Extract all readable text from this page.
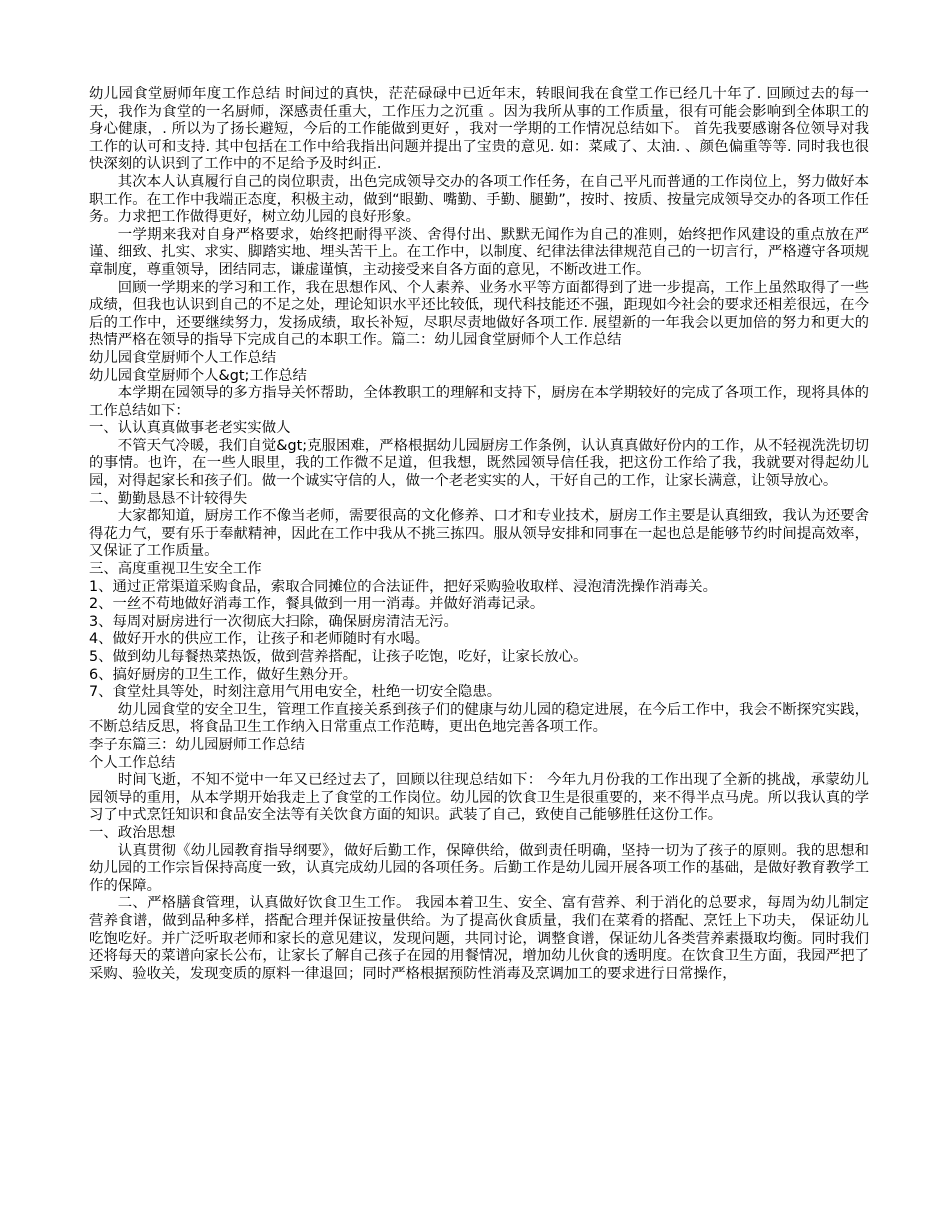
幼儿园食堂厨师年度工作总结 时间过的真快，茫茫碌碌中已近年末，转眼间我在食堂工作已经几十年了. 回顾过去的每一天，我作为食堂的一名厨师，深感责任重大，工作压力之沉重 。因为我所从事的工作质量，很有可能会影响到全体职工的身心健康，. 所以为了扬长避短，今后的工作能做到更好 ，我对一学期的工作情况总结如下。 首先我要感谢各位领导对我工作的认可和支持. 其中包括在工作中给我指出问题并提出了宝贵的意见. 如：菜咸了、太油. 、颜色偏重等等. 同时我也很快深刻的认识到了工作中的不足给予及时纠正.

其次本人认真履行自己的岗位职责，出色完成领导交办的各项工作任务，在自己平凡而普通的工作岗位上，努力做好本职工作。在工作中我端正态度，积极主动，做到“眼勤、嘴勤、手勤、腿勤”，按时、按质、按量完成领导交办的各项工作任务。力求把工作做得更好，树立幼儿园的良好形象。

一学期来我对自身严格要求，始终把耐得平淡、舍得付出、默默无闻作为自己的准则，始终把作风建设的重点放在严谨、细致、扎实、求实、脚踏实地、埋头苦干上。在工作中，以制度、纪律法律法律规范自己的一切言行，严格遵守各项规章制度，尊重领导，团结同志，谦虚谨慎，主动接受来自各方面的意见，不断改进工作。

回顾一学期来的学习和工作，我在思想作风、个人素养、业务水平等方面都得到了进一步提高，工作上虽然取得了一些成绩，但我也认识到自己的不足之处，理论知识水平还比较低，现代科技能还不强，距现如今社会的要求还相差很远，在今后的工作中，还要继续努力，发扬成绩，取长补短，尽职尽责地做好各项工作. 展望新的一年我会以更加倍的努力和更大的热情严格在领导的指导下完成自己的本职工作。篇二：幼儿园食堂厨师个人工作总结

幼儿园食堂厨师个人工作总结

幼儿园食堂厨师个人&gt;工作总结

本学期在园领导的多方指导关怀帮助，全体教职工的理解和支持下，厨房在本学期较好的完成了各项工作，现将具体的工作总结如下：

一、认认真真做事老老实实做人

不管天气冷暖，我们自觉&gt;克服困难，严格根据幼儿园厨房工作条例，认认真真做好份内的工作，从不轻视洗洗切切的事情。也许，在一些人眼里，我的工作微不足道，但我想，既然园领导信任我，把这份工作给了我，我就要对得起幼儿园，对得起家长和孩子们。做一个诚实守信的人，做一个老老实实的人，干好自己的工作，让家长满意，让领导放心。

二、勤勤恳恳不计较得失

大家都知道，厨房工作不像当老师，需要很高的文化修养、口才和专业技术，厨房工作主要是认真细致，我认为还要舍得花力气，要有乐于奉献精神，因此在工作中我从不挑三拣四。服从领导安排和同事在一起也总是能够节约时间提高效率，又保证了工作质量。

三、高度重视卫生安全工作

1、通过正常渠道采购食品，索取合同摊位的合法证件，把好采购验收取样、浸泡清洗操作消毒关。

2、一丝不苟地做好消毒工作，餐具做到一用一消毒。并做好消毒记录。

3、每周对厨房进行一次彻底大扫除，确保厨房清洁无污。

4、做好开水的供应工作，让孩子和老师随时有水喝。

5、做到幼儿每餐热菜热饭，做到营养搭配，让孩子吃饱，吃好，让家长放心。

6、搞好厨房的卫生工作，做好生熟分开。

7、食堂灶具等处，时刻注意用气用电安全，杜绝一切安全隐患。

幼儿园食堂的安全卫生，管理工作直接关系到孩子们的健康与幼儿园的稳定进展，在今后工作中，我会不断探究实践，不断总结反思，将食品卫生工作纳入日常重点工作范畴，更出色地完善各项工作。

李子东篇三：幼儿园厨师工作总结

个人工作总结

时间飞逝，不知不觉中一年又已经过去了，回顾以往现总结如下： 今年九月份我的工作出现了全新的挑战，承蒙幼儿园领导的重用，从本学期开始我走上了食堂的工作岗位。幼儿园的饮食卫生是很重要的，来不得半点马虎。所以我认真的学习了中式烹饪知识和食品安全法等有关饮食方面的知识。武装了自己，致使自己能够胜任这份工作。

一、政治思想

认真贯彻《幼儿园教育指导纲要》，做好后勤工作，保障供给，做到责任明确，坚持一切为了孩子的原则。我的思想和幼儿园的工作宗旨保持高度一致，认真完成幼儿园的各项任务。后勤工作是幼儿园开展各项工作的基础，是做好教育教学工作的保障。

二、严格膳食管理，认真做好饮食卫生工作。 我园本着卫生、安全、富有营养、利于消化的总要求，每周为幼儿制定营养食谱，做到品种多样，搭配合理并保证按量供给。为了提高伙食质量，我们在菜肴的搭配、烹饪上下功夫， 保证幼儿吃饱吃好。并广泛听取老师和家长的意见建议，发现问题，共同讨论，调整食谱，保证幼儿各类营养素摄取均衡。同时我们还将每天的菜谱向家长公布，让家长了解自己孩子在园的用餐情况，增加幼儿伙食的透明度。在饮食卫生方面，我园严把了采购、验收关，发现变质的原料一律退回；同时严格根据预防性消毒及烹调加工的要求进行日常操作，
